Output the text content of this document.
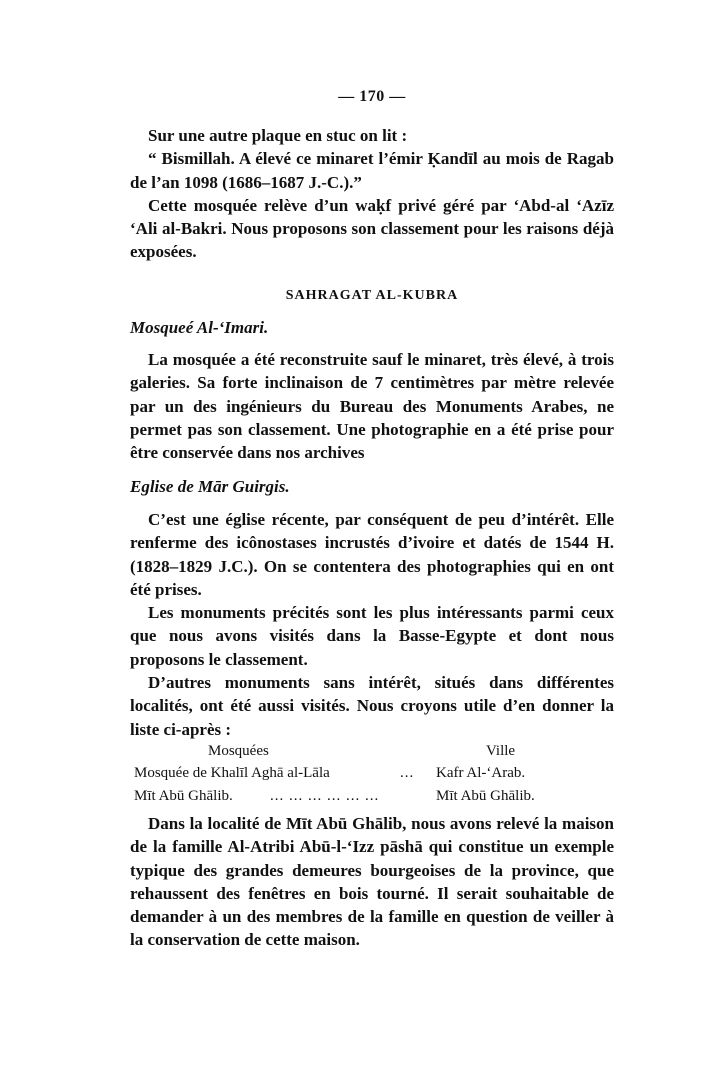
— 170 —

Sur une autre plaque en stuc on lit :

“ Bismillah. A élevé ce minaret l’émir Ḳandīl au mois de Ragab de l’an 1098 (1686–1687 J.-C.).”

Cette mosquée relève d’un waḳf privé géré par ‘Abd-al ‘Azīz ‘Ali al-Bakri. Nous proposons son classement pour les raisons déjà exposées.

SAHRAGAT AL-KUBRA
Mosqueé Al-‘Imari.

La mosquée a été reconstruite sauf le minaret, très élevé, à trois galeries. Sa forte inclinaison de 7 centimètres par mètre relevée par un des ingénieurs du Bureau des Monuments Arabes, ne permet pas son classement. Une photographie en a été prise pour être conservée dans nos archives

Eglise de Mār Guirgis.

C’est une église récente, par conséquent de peu d’intérêt. Elle renferme des icônostases incrustés d’ivoire et datés de 1544 H. (1828–1829 J.C.). On se contentera des photographies qui en ont été prises.

Les monuments précités sont les plus intéressants parmi ceux que nous avons visités dans la Basse-Egypte et dont nous proposons le classement.

D’autres monuments sans intérêt, situés dans différentes localités, ont été aussi visités. Nous croyons utile d’en donner la liste ci-après :

Mosquées	Ville
Mosquée de Khalīl Aghā al-Lāla	... Kafr Al-‘Arab.
Mīt Abū Ghālib. ... ... ... ... ... ...	Mīt Abū Ghālib.

Dans la localité de Mīt Abū Ghālib, nous avons relevé la maison de la famille Al-Atribi Abū-l-‘Izz pāshā qui constitue un exemple typique des grandes demeures bourgeoises de la province, que rehaussent des fenêtres en bois tourné. Il serait souhaitable de demander à un des membres de la famille en question de veiller à la conservation de cette maison.
